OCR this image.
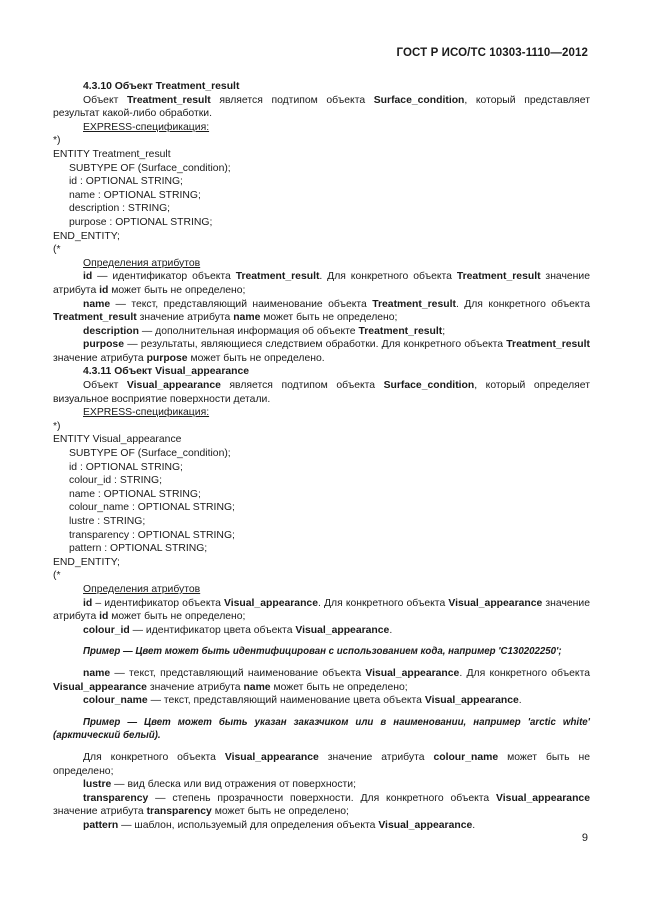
ГОСТ Р ИСО/ТС 10303-1110—2012

4.3.10 Объект Treatment_result

Объект Treatment_result является подтипом объекта Surface_condition, который представляет результат какой-либо обработки.

EXPRESS-спецификация:

*)

ENTITY Treatment_result

SUBTYPE OF (Surface_condition);

id : OPTIONAL STRING;

name : OPTIONAL STRING;

description : STRING;

purpose : OPTIONAL STRING;

END_ENTITY;

(*

Определения атрибутов

id — идентификатор объекта Treatment_result. Для конкретного объекта Treatment_result значение атрибута id может быть не определено;

name — текст, представляющий наименование объекта Treatment_result. Для конкретного объекта Treatment_result значение атрибута name может быть не определено;

description — дополнительная информация об объекте Treatment_result;

purpose — результаты, являющиеся следствием обработки. Для конкретного объекта Treatment_result значение атрибута purpose может быть не определено.

4.3.11 Объект Visual_appearance

Объект Visual_appearance является подтипом объекта Surface_condition, который определяет визуальное восприятие поверхности детали.

EXPRESS-спецификация:

*)

ENTITY Visual_appearance

SUBTYPE OF (Surface_condition);

id : OPTIONAL STRING;

colour_id : STRING;

name : OPTIONAL STRING;

colour_name : OPTIONAL STRING;

lustre : STRING;

transparency : OPTIONAL STRING;

pattern : OPTIONAL STRING;

END_ENTITY;

(*

Определения атрибутов

id – идентификатор объекта Visual_appearance. Для конкретного объекта Visual_appearance значение атрибута id может быть не определено;

colour_id — идентификатор цвета объекта Visual_appearance.

Пример — Цвет может быть идентифицирован с использованием кода, например 'C130202250';

name — текст, представляющий наименование объекта Visual_appearance. Для конкретного объекта Visual_appearance значение атрибута name может быть не определено;

colour_name — текст, представляющий наименование цвета объекта Visual_appearance.

Пример — Цвет может быть указан заказчиком или в наименовании, например 'arctic white' (арктический белый).

Для конкретного объекта Visual_appearance значение атрибута colour_name может быть не определено;

lustre — вид блеска или вид отражения от поверхности;

transparency — степень прозрачности поверхности. Для конкретного объекта Visual_appearance значение атрибута transparency может быть не определено;

pattern — шаблон, используемый для определения объекта Visual_appearance.

9
